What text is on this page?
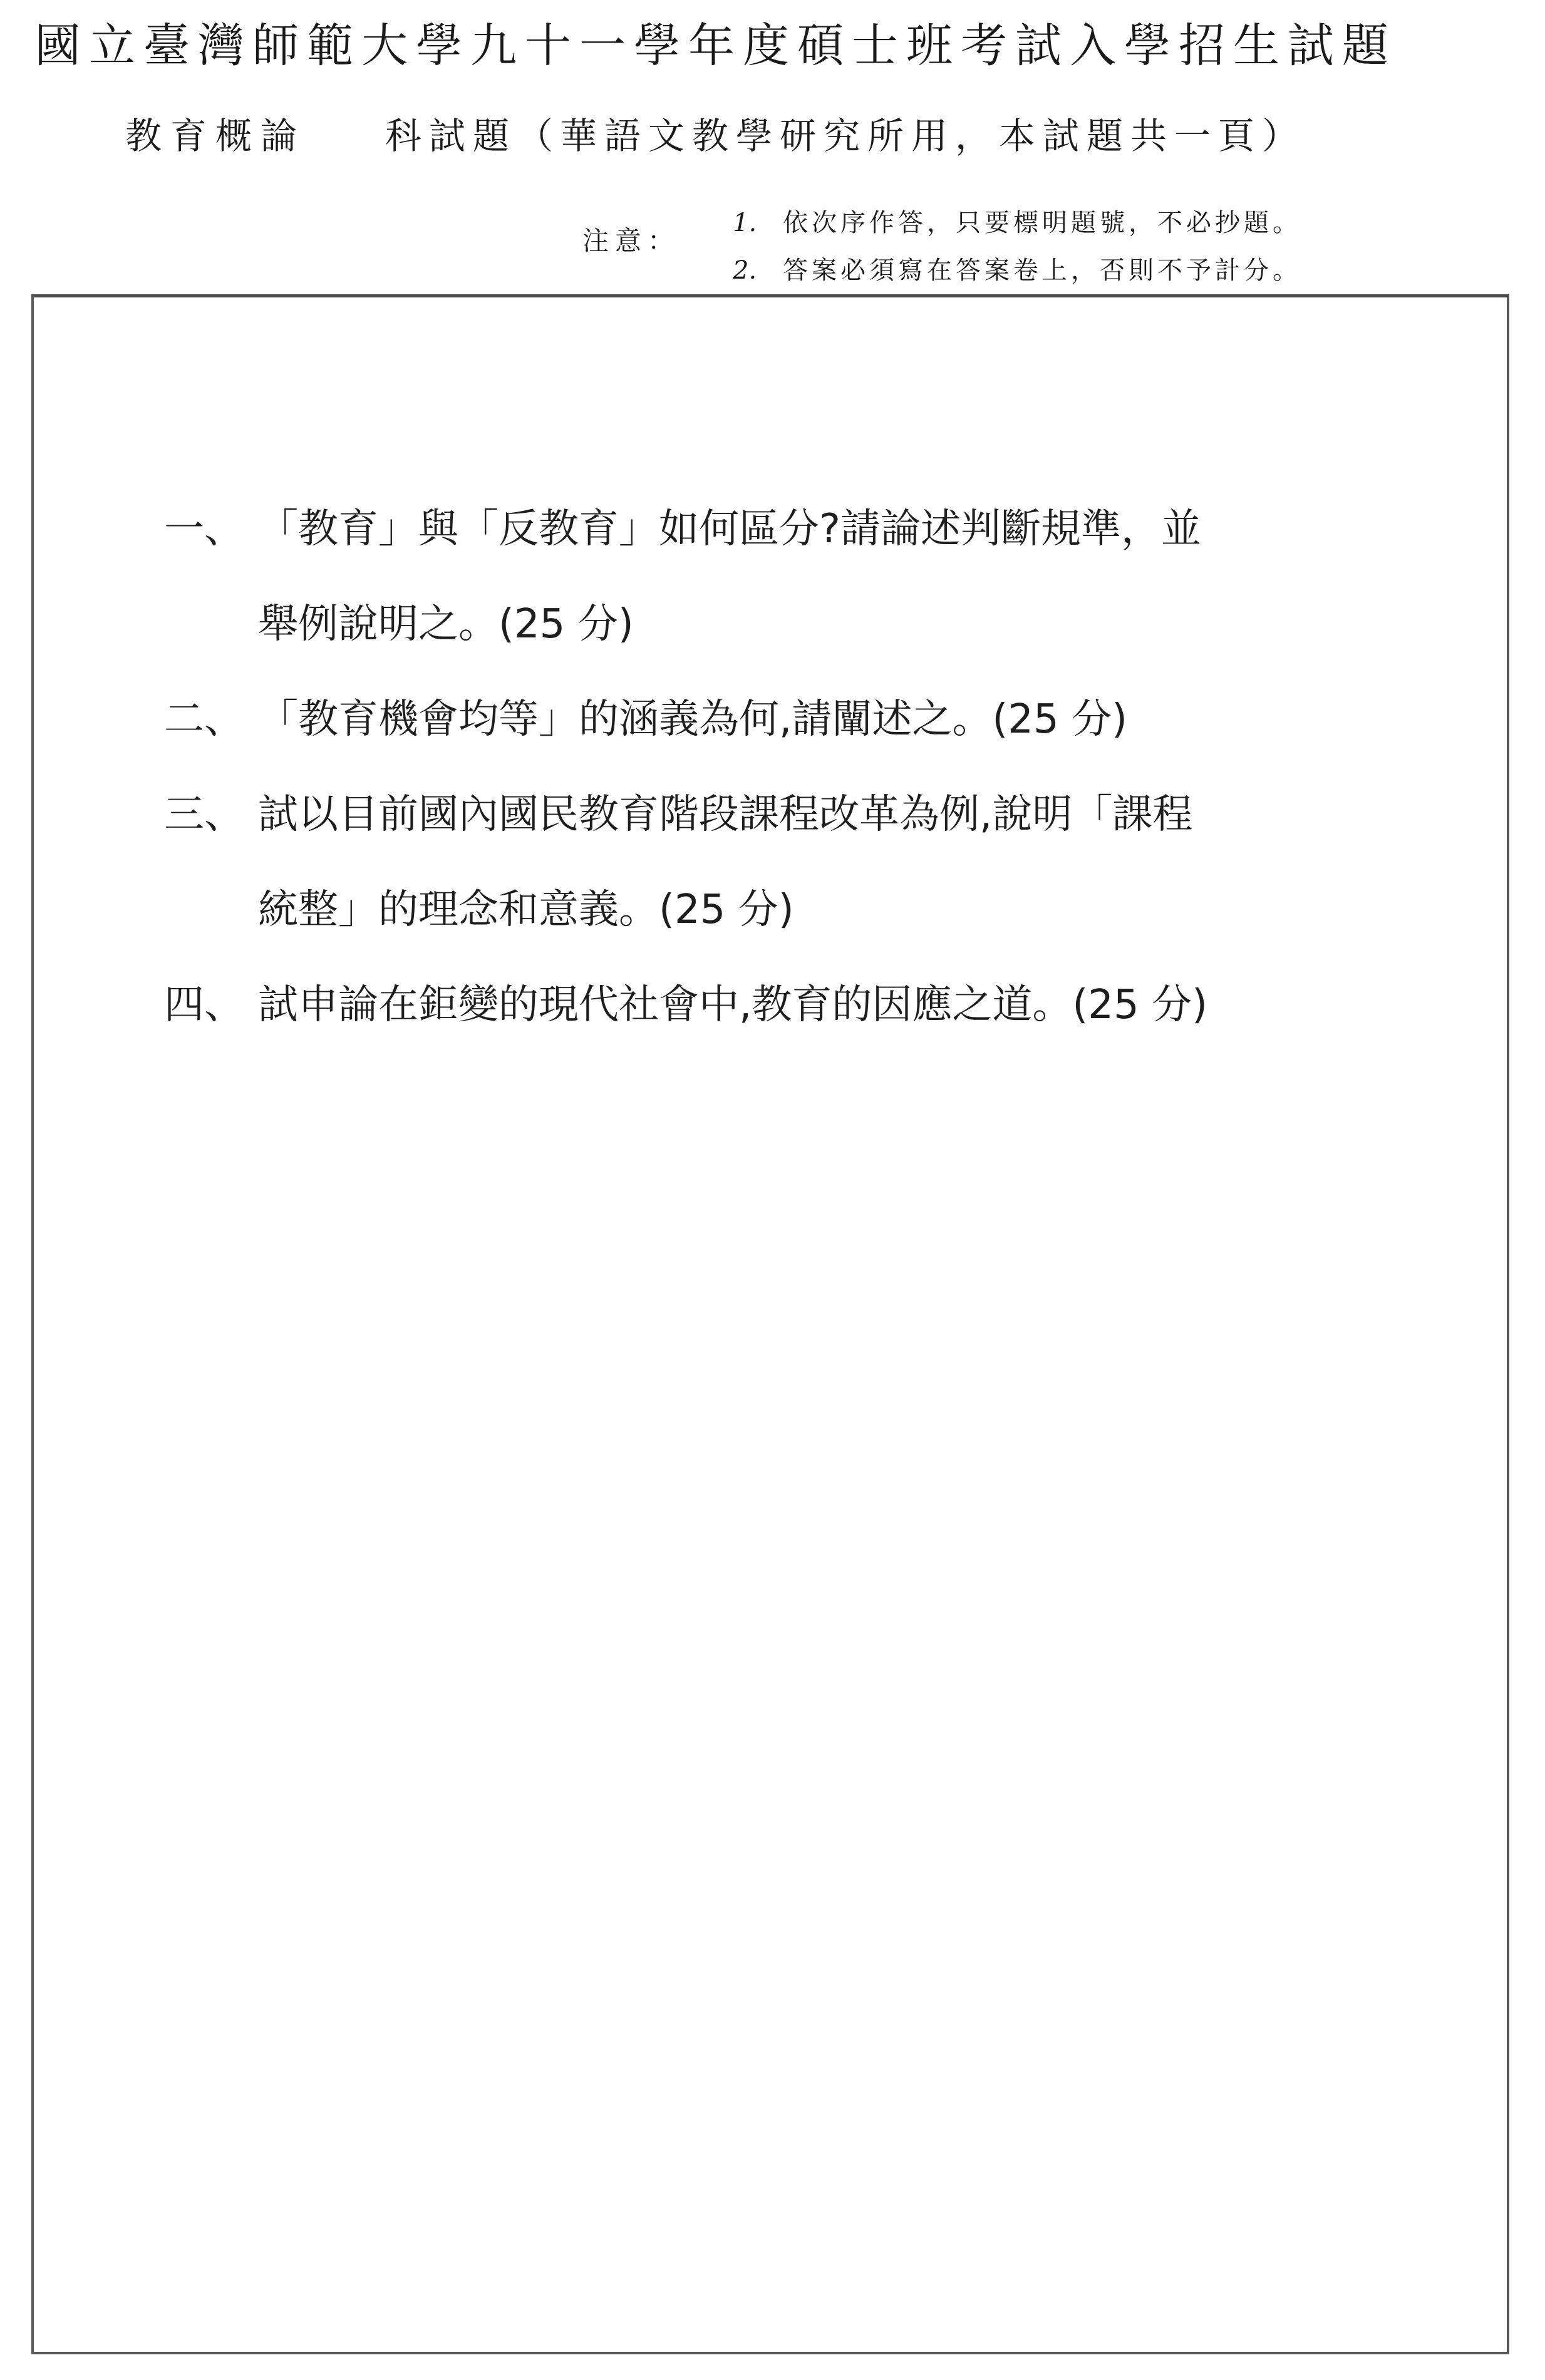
國立臺灣師範大學九十一學年度碩士班考試入學招生試題
教育概論 科試題（華語文教學研究所用，本試題共一頁）
注意：
1. 依次序作答，只要標明題號，不必抄題。
2. 答案必須寫在答案卷上，否則不予計分。
一、 「教育」與「反教育」如何區分?請論述判斷規準，並
舉例說明之。(25 分)
二、 「教育機會均等」的涵義為何,請闡述之。(25 分)
三、 試以目前國內國民教育階段課程改革為例,說明「課程
統整」的理念和意義。(25 分)
四、 試申論在鉅變的現代社會中,教育的因應之道。(25 分)
